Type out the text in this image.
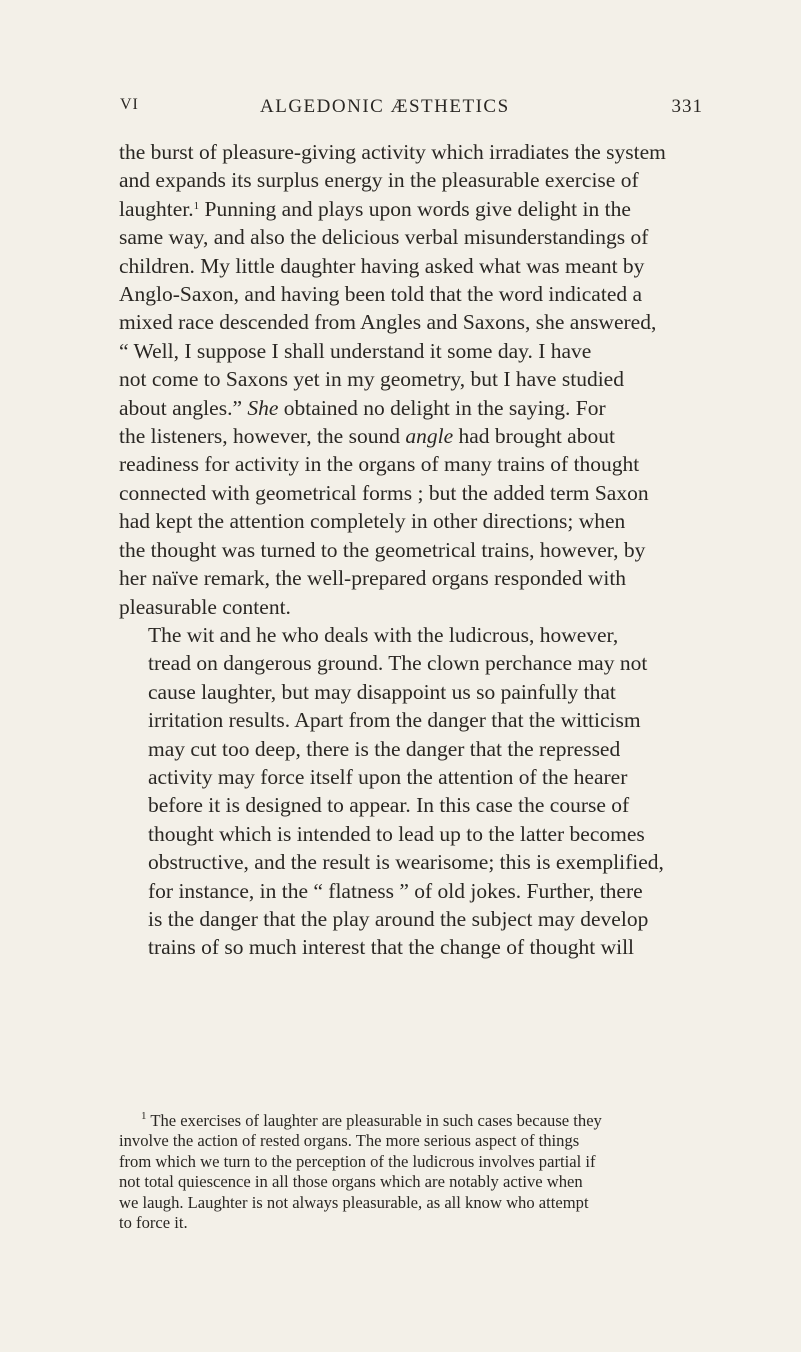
VI	ALGEDONIC ÆSTHETICS	331

the burst of pleasure-giving activity which irradiates the system
and expands its surplus energy in the pleasurable exercise of
laughter.$^1$ Punning and plays upon words give delight in the
same way, and also the delicious verbal misunderstandings of
children. My little daughter having asked what was meant by
Anglo-Saxon, and having been told that the word indicated a
mixed race descended from Angles and Saxons, she answered,
“ Well, I suppose I shall understand it some day. I have
not come to Saxons yet in my geometry, but I have studied
about angles.” She obtained no delight in the saying. For
the listeners, however, the sound angle had brought about
readiness for activity in the organs of many trains of thought
connected with geometrical forms ; but the added term Saxon
had kept the attention completely in other directions; when
the thought was turned to the geometrical trains, however, by
her naïve remark, the well-prepared organs responded with
pleasurable content.

The wit and he who deals with the ludicrous, however,
tread on dangerous ground. The clown perchance may not
cause laughter, but may disappoint us so painfully that
irritation results. Apart from the danger that the witticism
may cut too deep, there is the danger that the repressed
activity may force itself upon the attention of the hearer
before it is designed to appear. In this case the course of
thought which is intended to lead up to the latter becomes
obstructive, and the result is wearisome; this is exemplified,
for instance, in the “ flatness ” of old jokes. Further, there
is the danger that the play around the subject may develop
trains of so much interest that the change of thought will

$^1$ The exercises of laughter are pleasurable in such cases because they
involve the action of rested organs. The more serious aspect of things
from which we turn to the perception of the ludicrous involves partial if
not total quiescence in all those organs which are notably active when
we laugh. Laughter is not always pleasurable, as all know who attempt
to force it.
